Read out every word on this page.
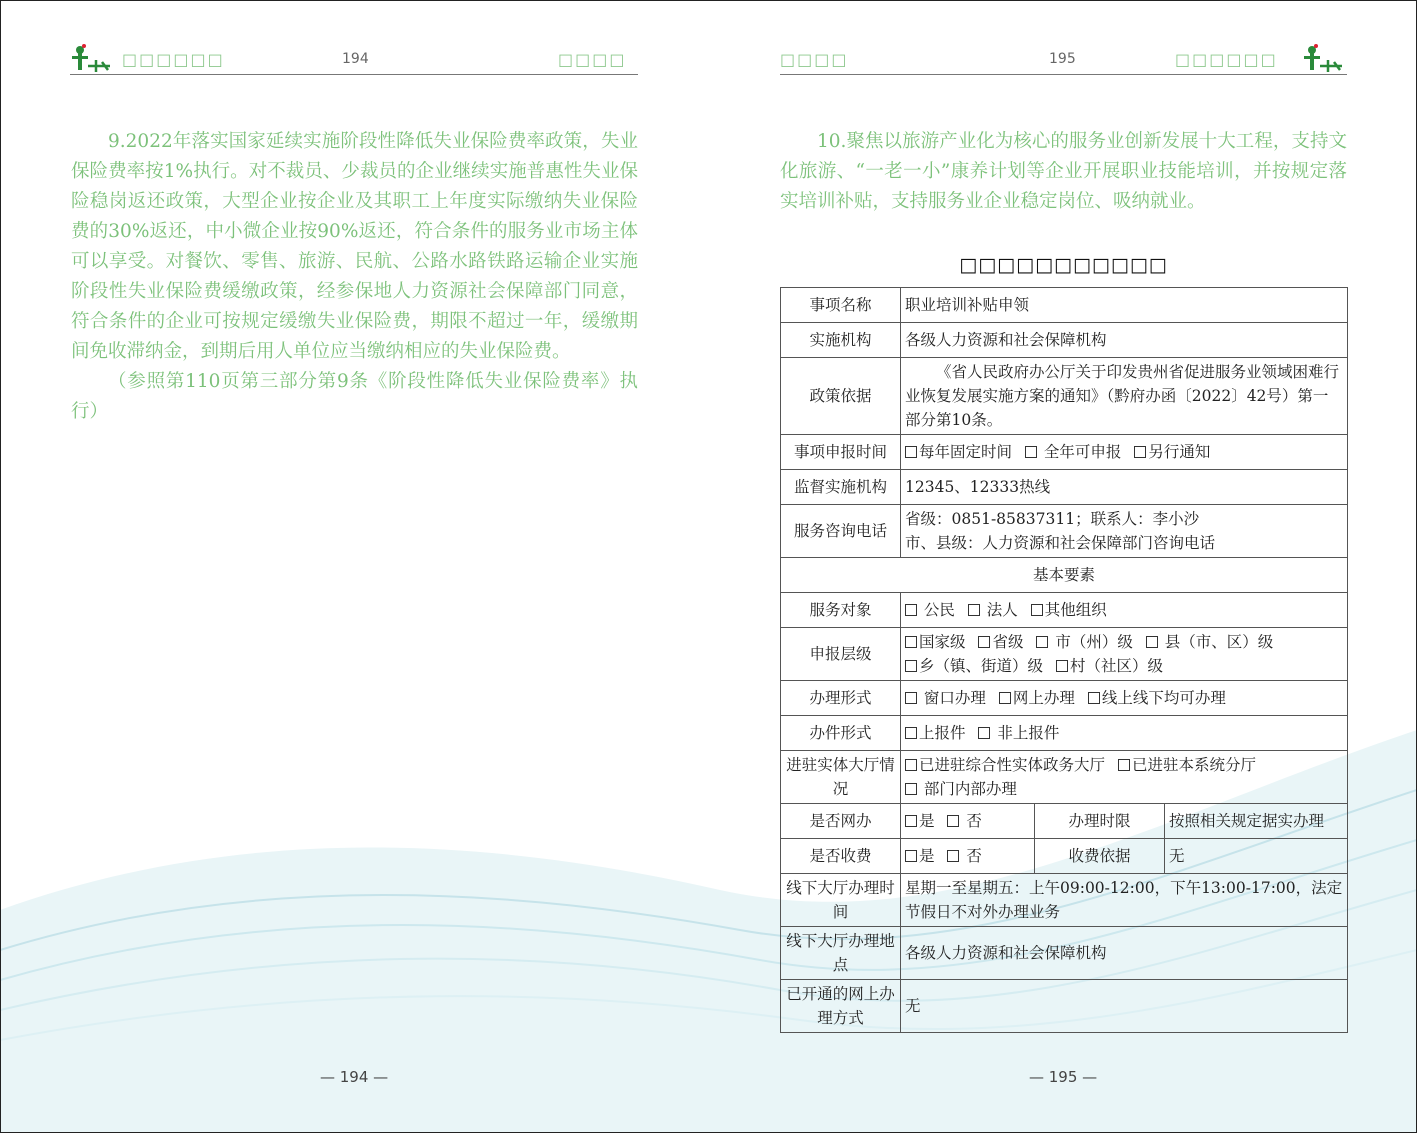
□□□□□□	194	□□□□

9.2022年落实国家延续实施阶段性降低失业保险费率政策，失业保险费率按1%执行。对不裁员、少裁员的企业继续实施普惠性失业保险稳岗返还政策，大型企业按企业及其职工上年度实际缴纳失业保险费的30%返还，中小微企业按90%返还，符合条件的服务业市场主体可以享受。对餐饮、零售、旅游、民航、公路水路铁路运输企业实施阶段性失业保险费缓缴政策，经参保地人力资源社会保障部门同意，符合条件的企业可按规定缓缴失业保险费，期限不超过一年，缓缴期间免收滞纳金，到期后用人单位应当缴纳相应的失业保险费。

（参照第110页第三部分第9条《阶段性降低失业保险费率》执行）

— 194 —
□□□□	195	□□□□□□

10.聚焦以旅游产业化为核心的服务业创新发展十大工程，支持文化旅游、“一老一小”康养计划等企业开展职业技能培训，并按规定落实培训补贴，支持服务业企业稳定岗位、吸纳就业。

— 195 —
□□□□□□□□□□□
事项名称	职业培训补贴申领		
实施机构	各级人力资源和社会保障机构		
政策依据	《省人民政府办公厅关于印发贵州省促进服务业领域困难行业恢复发展实施方案的通知》（黔府办函〔2022〕42号）第一部分第10条。		
事项申报时间	每年固定时间  全年可申报 另行通知		
监督实施机构	12345、12333热线		
服务咨询电话	省级：0851-85837311；联系人：李小沙
市、县级：人力资源和社会保障部门咨询电话		

基本要素			
服务对象	公民  法人 其他组织		
申报层级	国家级 省级  市（州）级  县（市、区）级
乡（镇、街道）级 村（社区）级		

办理形式	窗口办理 网上办理 线上线下均可办理		
办件形式	上报件  非上报件		
进驻实体大厅情况	已进驻综合性实体政务大厅 已进驻本系统分厅
部门内部办理		

是否网办	是  否	办理时限	按照相关规定据实办理
是否收费	是  否	收费依据	无
线下大厅办理时间	星期一至星期五：上午09:00-12:00，下午13:00-17:00，法定节假日不对外办理业务		
线下大厅办理地点	各级人力资源和社会保障机构		
已开通的网上办理方式	无		
